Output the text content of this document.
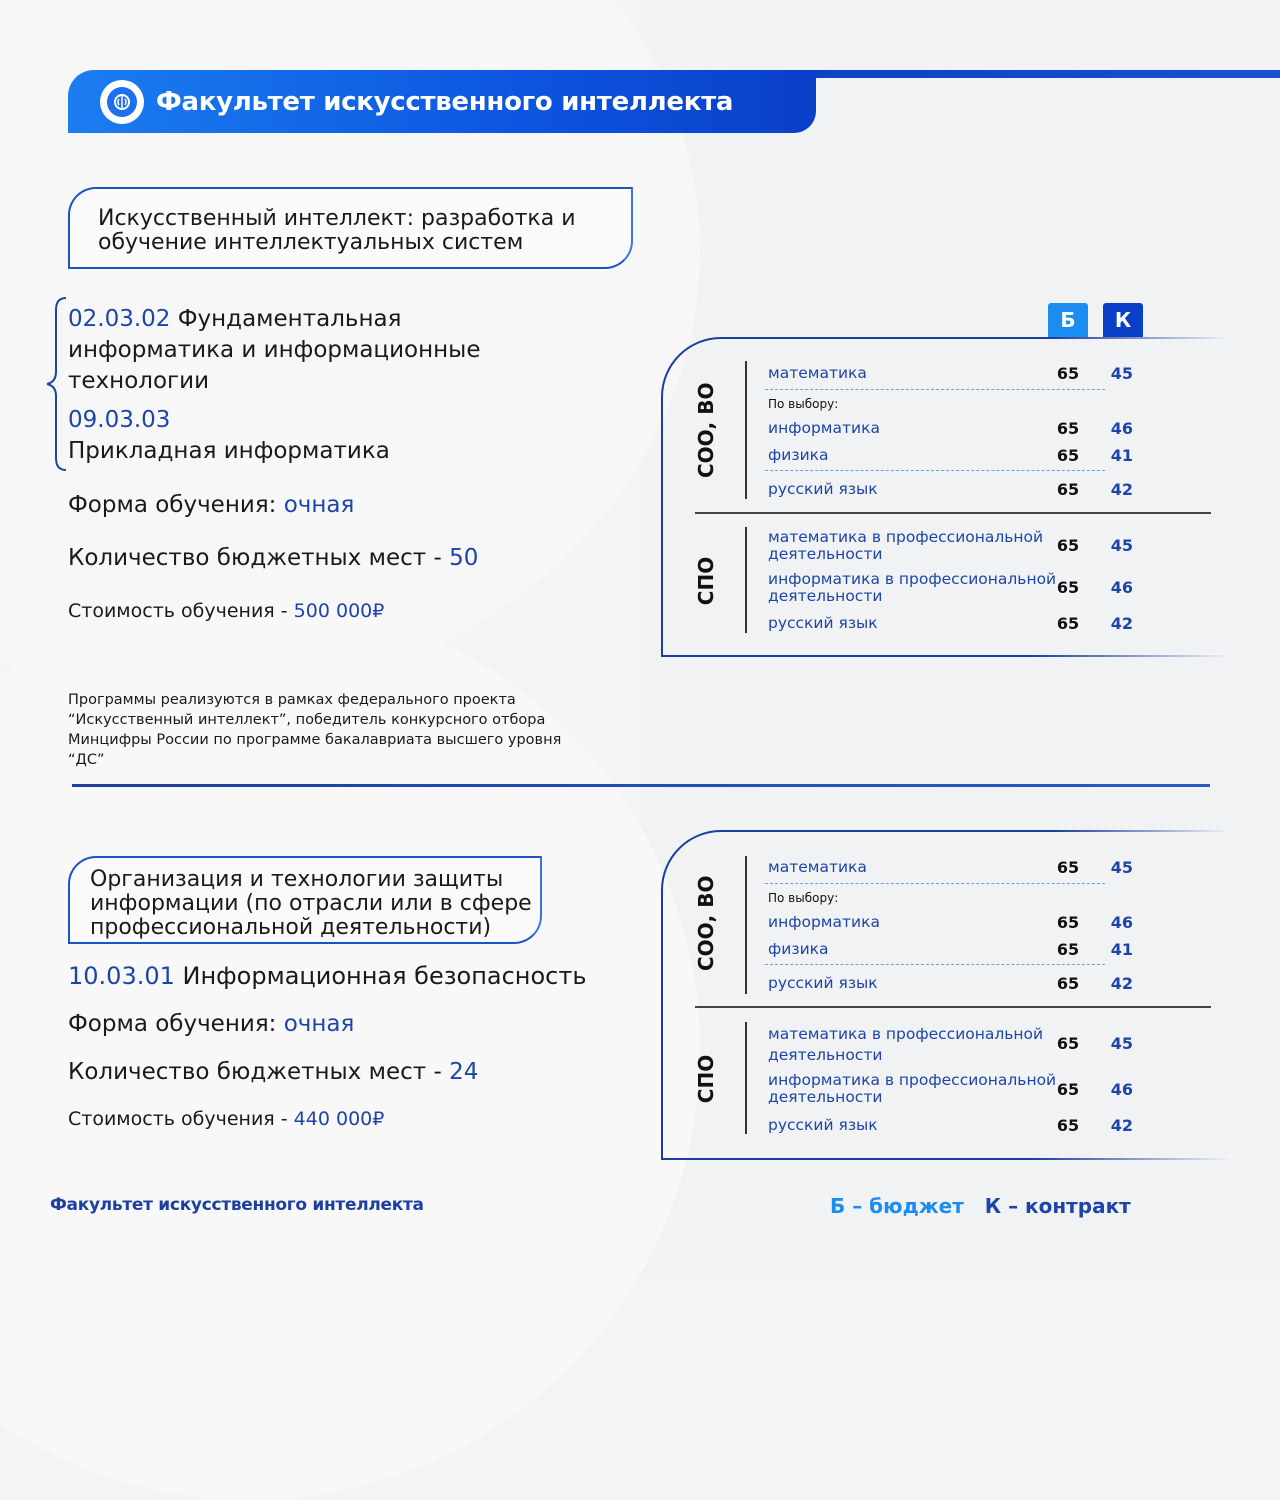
Факультет искусственного интеллекта
Искусственный интеллект: разработка и
обучение интеллектуальных систем
02.03.02 Фундаментальная
информатика и информационные
технологии
09.03.03
Прикладная информатика
Форма обучения: очная
Количество бюджетных мест - 50
Стоимость обучения - 500 000₽
Программы реализуются в рамках федерального проекта
“Искусственный интеллект”, победитель конкурсного отбора
Минцифры России по программе бакалавриата высшего уровня
“ДС”
Б	К
СОО, ВО
математика	65	45
По выбору:
информатика	65	46
физика	65	41
русский язык	65	42
СПО
математика в профессиональной
деятельности	65	45
информатика в профессиональной
деятельности	65	46
русский язык	65	42
Организация и технологии защиты
информации (по отрасли или в сфере
профессиональной деятельности)
10.03.01 Информационная безопасность
Форма обучения: очная
Количество бюджетных мест - 24
Стоимость обучения - 440 000₽
СОО, ВО
математика	65	45
По выбору:
информатика	65	46
физика	65	41
русский язык	65	42
СПО
математика в профессиональной
деятельности
65	45
информатика в профессиональной
деятельности	65	46
русский язык	65	42
Факультет искусственного интеллекта	Б – бюджет К – контракт
